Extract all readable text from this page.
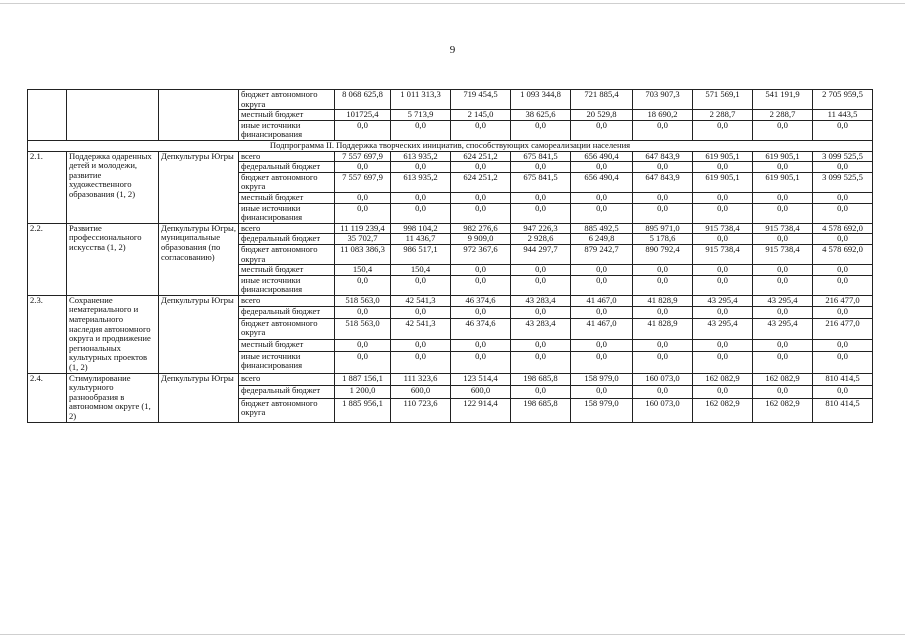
9
			бюджет автономного округа	8 068 625,8	1 011 313,3	719 454,5	1 093 344,8	721 885,4	703 907,3	571 569,1	541 191,9	2 705 959,5
			местный бюджет	101725,4	5 713,9	2 145,0	38 625,6	20 529,8	18 690,2	2 288,7	2 288,7	11 443,5
			иные источники финансирования	0,0	0,0	0,0	0,0	0,0	0,0	0,0	0,0	0,0
Подпрограмма II. Поддержка творческих инициатив, способствующих самореализации населения												
2.1.	Поддержка одаренных детей и молодежи, развитие художественного образования (1, 2)	Депкультуры Югры	всего	7 557 697,9	613 935,2	624 251,2	675 841,5	656 490,4	647 843,9	619 905,1	619 905,1	3 099 525,5
			федеральный бюджет	0,0	0,0	0,0	0,0	0,0	0,0	0,0	0,0	0,0
			бюджет автономного округа	7 557 697,9	613 935,2	624 251,2	675 841,5	656 490,4	647 843,9	619 905,1	619 905,1	3 099 525,5
			местный бюджет	0,0	0,0	0,0	0,0	0,0	0,0	0,0	0,0	0,0
			иные источники финансирования	0,0	0,0	0,0	0,0	0,0	0,0	0,0	0,0	0,0
2.2.	Развитие профессионального искусства (1, 2)	Депкультуры Югры, муниципальные образования (по согласованию)	всего	11 119 239,4	998 104,2	982 276,6	947 226,3	885 492,5	895 971,0	915 738,4	915 738,4	4 578 692,0
			федеральный бюджет	35 702,7	11 436,7	9 909,0	2 928,6	6 249,8	5 178,6	0,0	0,0	0,0
			бюджет автономного округа	11 083 386,3	986 517,1	972 367,6	944 297,7	879 242,7	890 792,4	915 738,4	915 738,4	4 578 692,0
			местный бюджет	150,4	150,4	0,0	0,0	0,0	0,0	0,0	0,0	0,0
			иные источники финансирования	0,0	0,0	0,0	0,0	0,0	0,0	0,0	0,0	0,0
2.3.	Сохранение нематериального и материального наследия автономного округа и продвижение региональных культурных проектов (1, 2)	Депкультуры Югры	всего	518 563,0	42 541,3	46 374,6	43 283,4	41 467,0	41 828,9	43 295,4	43 295,4	216 477,0
			федеральный бюджет	0,0	0,0	0,0	0,0	0,0	0,0	0,0	0,0	0,0
			бюджет автономного округа	518 563,0	42 541,3	46 374,6	43 283,4	41 467,0	41 828,9	43 295,4	43 295,4	216 477,0
			местный бюджет	0,0	0,0	0,0	0,0	0,0	0,0	0,0	0,0	0,0
			иные источники финансирования	0,0	0,0	0,0	0,0	0,0	0,0	0,0	0,0	0,0
2.4.	Стимулирование культурного разнообразия в автономном округе (1, 2)	Депкультуры Югры	всего	1 887 156,1	111 323,6	123 514,4	198 685,8	158 979,0	160 073,0	162 082,9	162 082,9	810 414,5
			федеральный бюджет	1 200,0	600,0	600,0	0,0	0,0	0,0	0,0	0,0	0,0
			бюджет автономного округа	1 885 956,1	110 723,6	122 914,4	198 685,8	158 979,0	160 073,0	162 082,9	162 082,9	810 414,5
